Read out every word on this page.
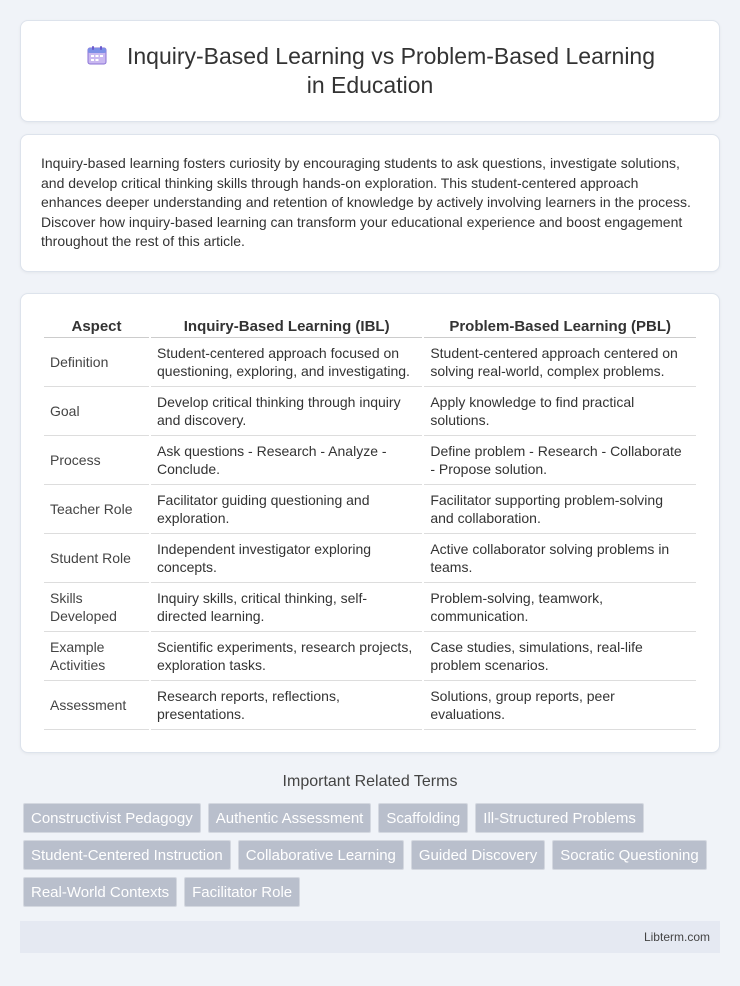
Inquiry-Based Learning vs Problem-Based Learning in Education

Inquiry-based learning fosters curiosity by encouraging students to ask questions, investigate solutions, and develop critical thinking skills through hands-on exploration. This student-centered approach enhances deeper understanding and retention of knowledge by actively involving learners in the process. Discover how inquiry-based learning can transform your educational experience and boost engagement throughout the rest of this article.

Aspect	Inquiry-Based Learning (IBL)	Problem-Based Learning (PBL)
Definition	Student-centered approach focused on questioning, exploring, and investigating.	Student-centered approach centered on solving real-world, complex problems.
Goal	Develop critical thinking through inquiry and discovery.	Apply knowledge to find practical solutions.
Process	Ask questions - Research - Analyze - Conclude.	Define problem - Research - Collaborate - Propose solution.
Teacher Role	Facilitator guiding questioning and exploration.	Facilitator supporting problem-solving and collaboration.
Student Role	Independent investigator exploring concepts.	Active collaborator solving problems in teams.
Skills Developed	Inquiry skills, critical thinking, self-directed learning.	Problem-solving, teamwork, communication.
Example Activities	Scientific experiments, research projects, exploration tasks.	Case studies, simulations, real-life problem scenarios.
Assessment	Research reports, reflections, presentations.	Solutions, group reports, peer evaluations.
Important Related Terms
Constructivist Pedagogy	Authentic Assessment	Scaffolding	Ill-Structured Problems
Student-Centered Instruction	Collaborative Learning	Guided Discovery	Socratic Questioning
Real-World Contexts	Facilitator Role
Libterm.com
